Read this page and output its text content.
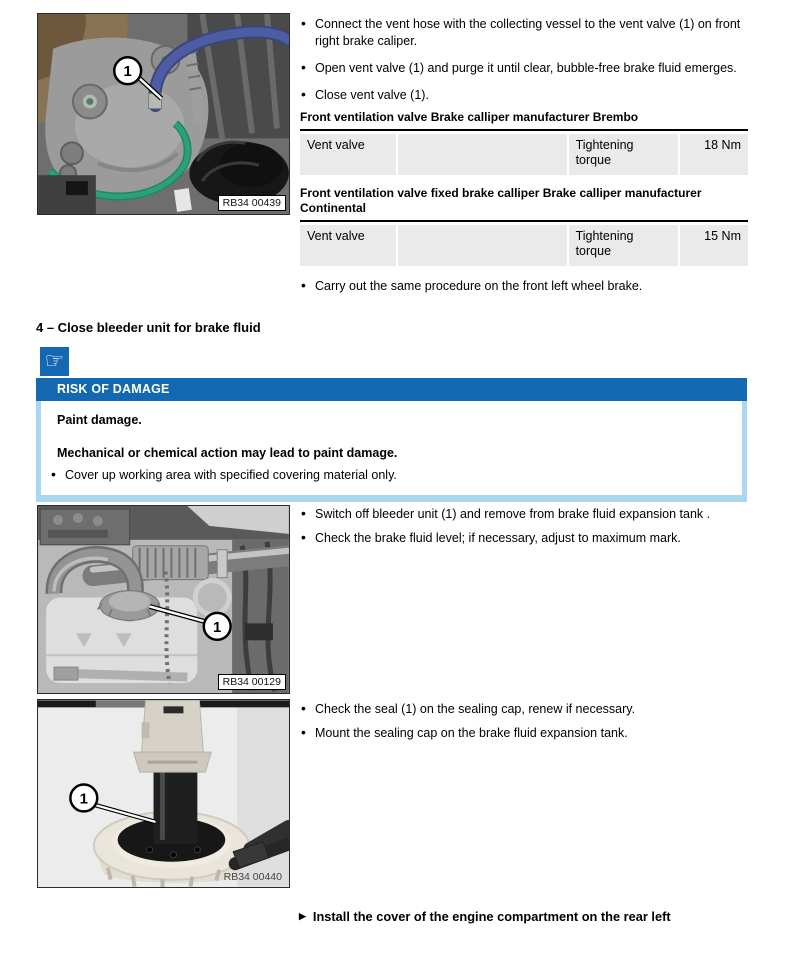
1
RB34 00439
• Connect the vent hose with the collecting vessel to the vent valve (1) on front right brake caliper.
• Open vent valve (1) and purge it until clear, bubble-free brake fluid emerges.
• Close vent valve (1).
Front ventilation valve Brake calliper manufacturer Brembo
Vent valve		Tightening torque	18 Nm
Front ventilation valve fixed brake calliper Brake calliper manufacturer Continental
Vent valve		Tightening torque	15 Nm
• Carry out the same procedure on the front left wheel brake.
4 – Close bleeder unit for brake fluid
☞
RISK OF DAMAGE
Paint damage.
Mechanical or chemical action may lead to paint damage.
• Cover up working area with specified covering material only.
1
RB34 00129
• Switch off bleeder unit (1) and remove from brake fluid expansion tank .
• Check the brake fluid level; if necessary, adjust to maximum mark.
1
RB34 00440
• Check the seal (1) on the sealing cap, renew if necessary.
• Mount the sealing cap on the brake fluid expansion tank.
▶ Install the cover of the engine compartment on the rear left
